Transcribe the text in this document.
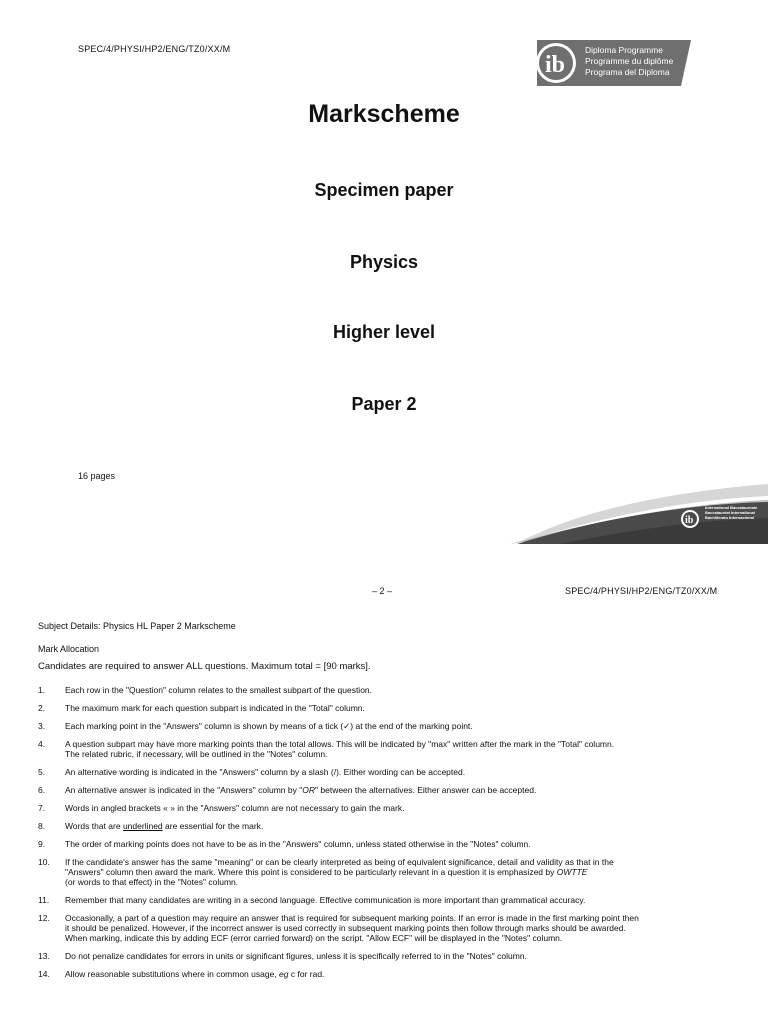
SPEC/4/PHYSI/HP2/ENG/TZ0/XX/M
ib
Diploma Programme
Programme du diplôme
Programa del Diploma
Markscheme
Specimen paper
Physics
Higher level
Paper 2
16 pages
ib
International Baccalaureate
Baccalauréat International
Bachillerato Internacional
– 2 –	SPEC/4/PHYSI/HP2/ENG/TZ0/XX/M
Subject Details: Physics HL Paper 2 Markscheme
Mark Allocation
Candidates are required to answer ALL questions. Maximum total = [90 marks].
1.	Each row in the "Question" column relates to the smallest subpart of the question.
2.	The maximum mark for each question subpart is indicated in the "Total" column.
3.	Each marking point in the "Answers" column is shown by means of a tick (✓) at the end of the marking point.
4.	A question subpart may have more marking points than the total allows. This will be indicated by "max" written after the mark in the "Total" column.
The related rubric, if necessary, will be outlined in the "Notes" column.
5.	An alternative wording is indicated in the "Answers" column by a slash (/). Either wording can be accepted.
6.	An alternative answer is indicated in the "Answers" column by "OR" between the alternatives. Either answer can be accepted.
7.	Words in angled brackets « » in the "Answers" column are not necessary to gain the mark.
8.	Words that are underlined are essential for the mark.
9.	The order of marking points does not have to be as in the "Answers" column, unless stated otherwise in the "Notes" column.
10.	If the candidate's answer has the same "meaning" or can be clearly interpreted as being of equivalent significance, detail and validity as that in the
"Answers" column then award the mark. Where this point is considered to be particularly relevant in a question it is emphasized by OWTTE
(or words to that effect) in the "Notes" column.
11.	Remember that many candidates are writing in a second language. Effective communication is more important than grammatical accuracy.
12.	Occasionally, a part of a question may require an answer that is required for subsequent marking points. If an error is made in the first marking point then
it should be penalized. However, if the incorrect answer is used correctly in subsequent marking points then follow through marks should be awarded.
When marking, indicate this by adding ECF (error carried forward) on the script. "Allow ECF" will be displayed in the "Notes" column.
13.	Do not penalize candidates for errors in units or significant figures, unless it is specifically referred to in the "Notes" column.
14.	Allow reasonable substitutions where in common usage, eg c for rad.
